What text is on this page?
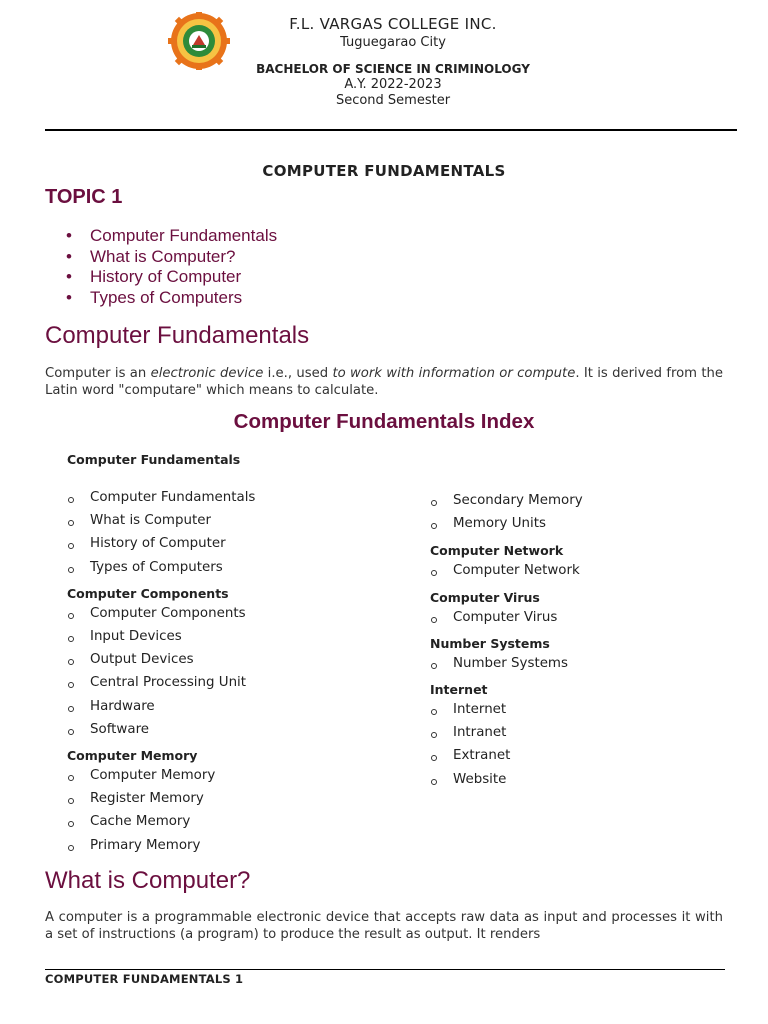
F.L. VARGAS COLLEGE INC.

Tuguegarao City

BACHELOR OF SCIENCE IN CRIMINOLOGY

A.Y. 2022-2023

Second Semester

COMPUTER FUNDAMENTALS
TOPIC 1
• Computer Fundamentals
• What is Computer?
• History of Computer
• Types of Computers
Computer Fundamentals
Computer is an electronic device i.e., used to work with information or compute. It is derived from the Latin word "computare" which means to calculate.
Computer Fundamentals Index

Computer Fundamentals

Computer Fundamentals
What is Computer
History of Computer
Types of Computers

Computer Components

Computer Components
Input Devices
Output Devices
Central Processing Unit
Hardware
Software

Computer Memory

Computer Memory
Register Memory
Cache Memory
Primary Memory
Secondary Memory
Memory Units

Computer Network

Computer Network

Computer Virus

Computer Virus

Number Systems

Number Systems

Internet

Internet
Intranet
Extranet
Website
What is Computer?
A computer is a programmable electronic device that accepts raw data as input and processes it with a set of instructions (a program) to produce the result as output. It renders
COMPUTER FUNDAMENTALS 1
